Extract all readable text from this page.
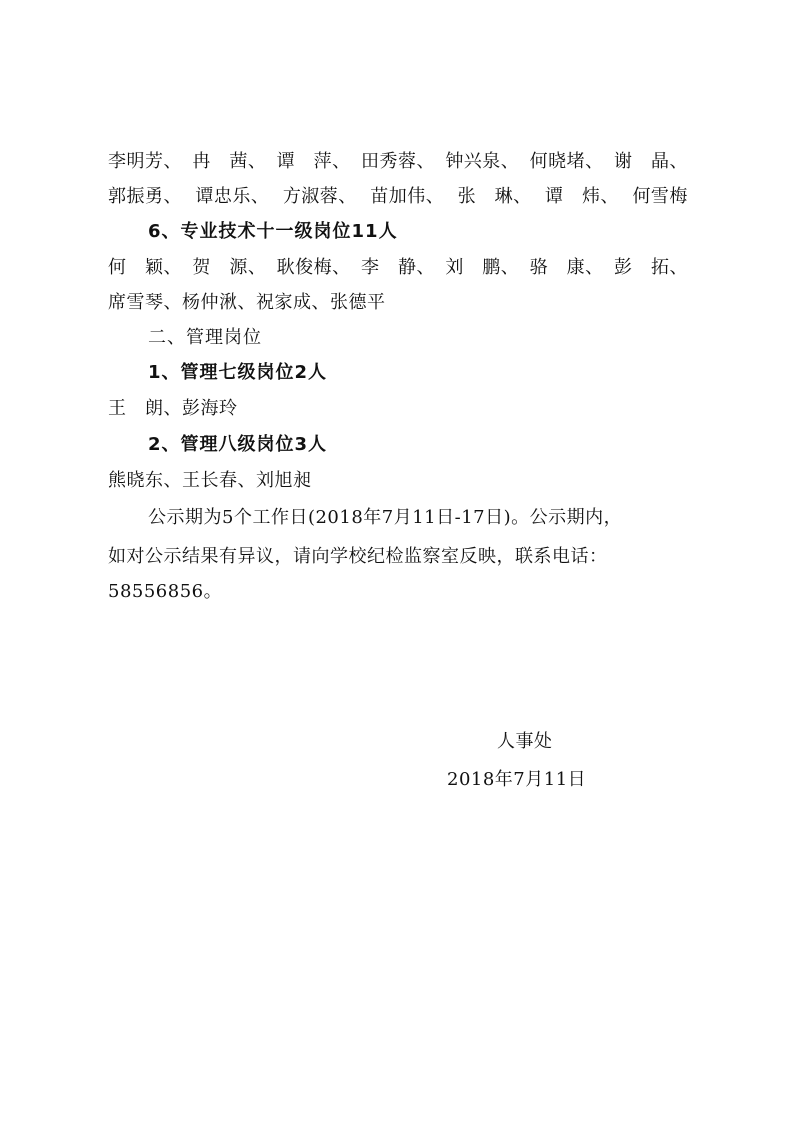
李明芳、 冉　茜、 谭　萍、 田秀蓉、 钟兴泉、 何晓堵、 谢　晶、
郭振勇、 谭忠乐、 方淑蓉、 苗加伟、 张　琳、 谭　炜、 何雪梅
6、专业技术十一级岗位11人
何　颖、 贺　源、 耿俊梅、 李　静、 刘　鹏、 骆　康、 彭　拓、
席雪琴、杨仲湫、祝家成、张德平
二、管理岗位
1、管理七级岗位2人
王　朗、彭海玲
2、管理八级岗位3人
熊晓东、王长春、刘旭昶
公示期为5个工作日(2018年7月11日-17日)。公示期内，
如对公示结果有异议，请向学校纪检监察室反映，联系电话：
58556856。
人事处
2018年7月11日
